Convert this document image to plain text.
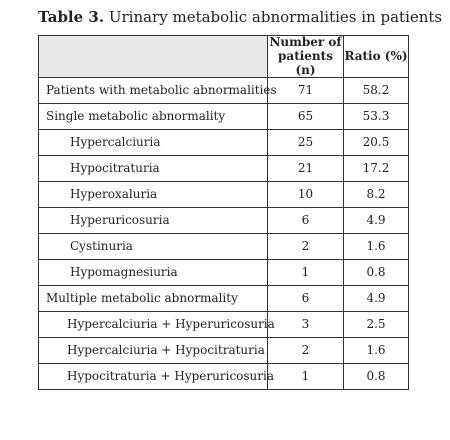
Table 3. Urinary metabolic abnormalities in patients
	Number of patients (n)	Ratio (%)
Patients with metabolic abnormalities	71	58.2
Single metabolic abnormality	65	53.3
Hypercalciuria	25	20.5
Hypocitraturia	21	17.2
Hyperoxaluria	10	8.2
Hyperuricosuria	6	4.9
Cystinuria	2	1.6
Hypomagnesiuria	1	0.8
Multiple metabolic abnormality	6	4.9
Hypercalciuria + Hyperuricosuria	3	2.5
Hypercalciuria + Hypocitraturia	2	1.6
Hypocitraturia + Hyperuricosuria	1	0.8
